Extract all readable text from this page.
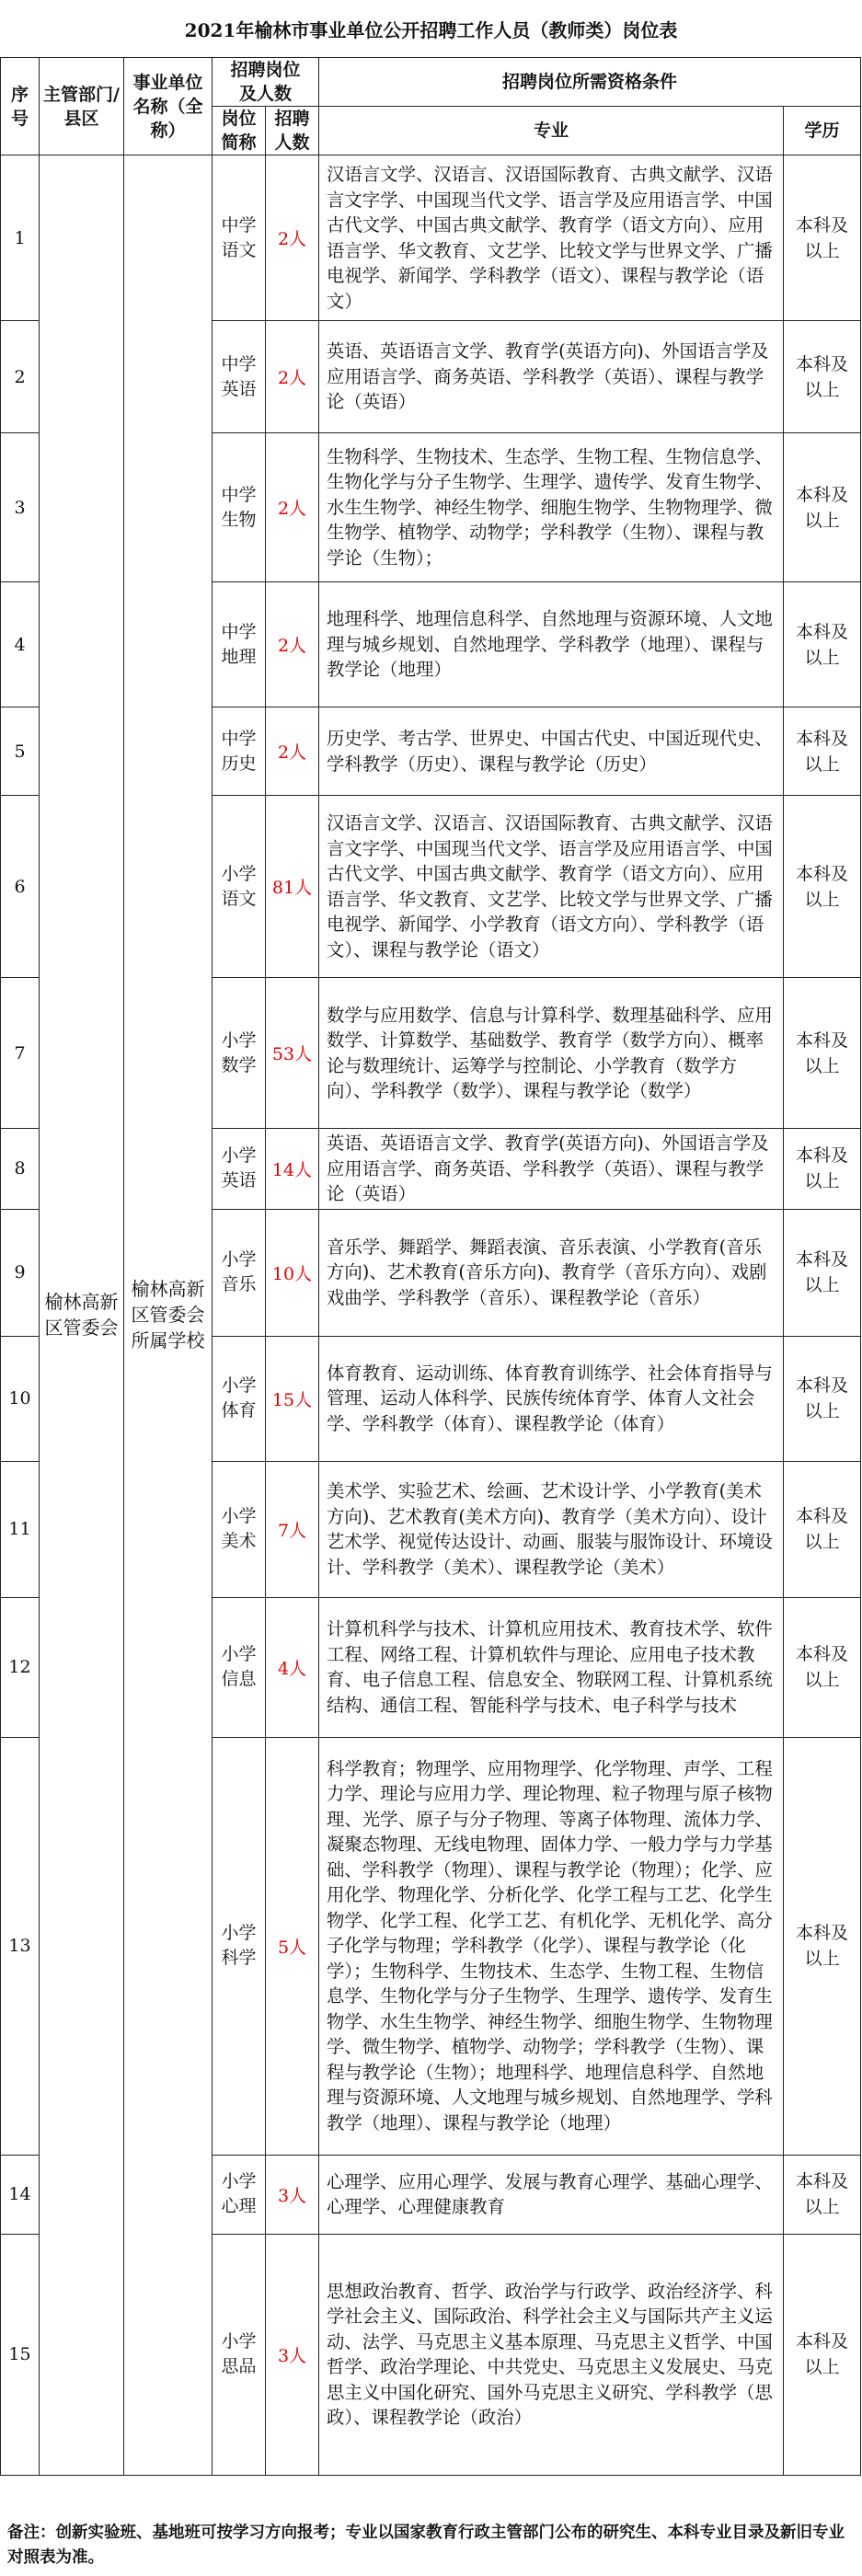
2021年榆林市事业单位公开招聘工作人员（教师类）岗位表
序号	主管部门/县区	事业单位名称（全称）	招聘岗位及人数		招聘岗位所需资格条件	
			岗位简称	招聘人数	专业	学历
1	榆林高新区管委会	榆林高新区管委会所属学校	中学语文	2人	汉语言文学、汉语言、汉语国际教育、古典文献学、汉语言文字学、中国现当代文学、语言学及应用语言学、中国古代文学、中国古典文献学、教育学（语文方向）、应用语言学、华文教育、文艺学、比较文学与世界文学、广播电视学、新闻学、学科教学（语文）、课程与教学论（语文）	本科及以上
2			中学英语	2人	英语、英语语言文学、教育学(英语方向)、外国语言学及应用语言学、商务英语、学科教学（英语）、课程与教学论（英语）	本科及以上
3			中学生物	2人	生物科学、生物技术、生态学、生物工程、生物信息学、生物化学与分子生物学、生理学、遗传学、发育生物学、水生生物学、神经生物学、细胞生物学、生物物理学、微生物学、植物学、动物学；学科教学（生物）、课程与教学论（生物）；	本科及以上
4			中学地理	2人	地理科学、地理信息科学、自然地理与资源环境、人文地理与城乡规划、自然地理学、学科教学（地理）、课程与教学论（地理）	本科及以上
5			中学历史	2人	历史学、考古学、世界史、中国古代史、中国近现代史、学科教学（历史）、课程与教学论（历史）	本科及以上
6			小学语文	81人	汉语言文学、汉语言、汉语国际教育、古典文献学、汉语言文字学、中国现当代文学、语言学及应用语言学、中国古代文学、中国古典文献学、教育学（语文方向）、应用语言学、华文教育、文艺学、比较文学与世界文学、广播电视学、新闻学、小学教育（语文方向）、学科教学（语文）、课程与教学论（语文）	本科及以上
7			小学数学	53人	数学与应用数学、信息与计算科学、数理基础科学、应用数学、计算数学、基础数学、教育学（数学方向）、概率论与数理统计、运筹学与控制论、小学教育（数学方向）、学科教学（数学）、课程与教学论（数学）	本科及以上
8			小学英语	14人	英语、英语语言文学、教育学(英语方向)、外国语言学及应用语言学、商务英语、学科教学（英语）、课程与教学论（英语）	本科及以上
9			小学音乐	10人	音乐学、舞蹈学、舞蹈表演、音乐表演、小学教育(音乐方向)、艺术教育(音乐方向)、教育学（音乐方向）、戏剧戏曲学、学科教学（音乐）、课程教学论（音乐）	本科及以上
10			小学体育	15人	体育教育、运动训练、体育教育训练学、社会体育指导与管理、运动人体科学、民族传统体育学、体育人文社会学、学科教学（体育）、课程教学论（体育）	本科及以上
11			小学美术	7人	美术学、实验艺术、绘画、艺术设计学、小学教育(美术方向)、艺术教育(美术方向)、教育学（美术方向）、设计艺术学、视觉传达设计、动画、服装与服饰设计、环境设计、学科教学（美术）、课程教学论（美术）	本科及以上
12			小学信息	4人	计算机科学与技术、计算机应用技术、教育技术学、软件工程、网络工程、计算机软件与理论、应用电子技术教育、电子信息工程、信息安全、物联网工程、计算机系统结构、通信工程、智能科学与技术、电子科学与技术	本科及以上
13			小学科学	5人	科学教育；物理学、应用物理学、化学物理、声学、工程力学、理论与应用力学、理论物理、粒子物理与原子核物理、光学、原子与分子物理、等离子体物理、流体力学、凝聚态物理、无线电物理、固体力学、一般力学与力学基础、学科教学（物理）、课程与教学论（物理）；化学、应用化学、物理化学、分析化学、化学工程与工艺、化学生物学、化学工程、化学工艺、有机化学、无机化学、高分子化学与物理；学科教学（化学）、课程与教学论（化学）；生物科学、生物技术、生态学、生物工程、生物信息学、生物化学与分子生物学、生理学、遗传学、发育生物学、水生生物学、神经生物学、细胞生物学、生物物理学、微生物学、植物学、动物学；学科教学（生物）、课程与教学论（生物）；地理科学、地理信息科学、自然地理与资源环境、人文地理与城乡规划、自然地理学、学科教学（地理）、课程与教学论（地理）	本科及以上
14			小学心理	3人	心理学、应用心理学、发展与教育心理学、基础心理学、心理学、心理健康教育	本科及以上
15			小学思品	3人	思想政治教育、哲学、政治学与行政学、政治经济学、科学社会主义、国际政治、科学社会主义与国际共产主义运动、法学、马克思主义基本原理、马克思主义哲学、中国哲学、政治学理论、中共党史、马克思主义发展史、马克思主义中国化研究、国外马克思主义研究、学科教学（思政）、课程教学论（政治）	本科及以上
备注：创新实验班、基地班可按学习方向报考；专业以国家教育行政主管部门公布的研究生、本科专业目录及新旧专业对照表为准。
